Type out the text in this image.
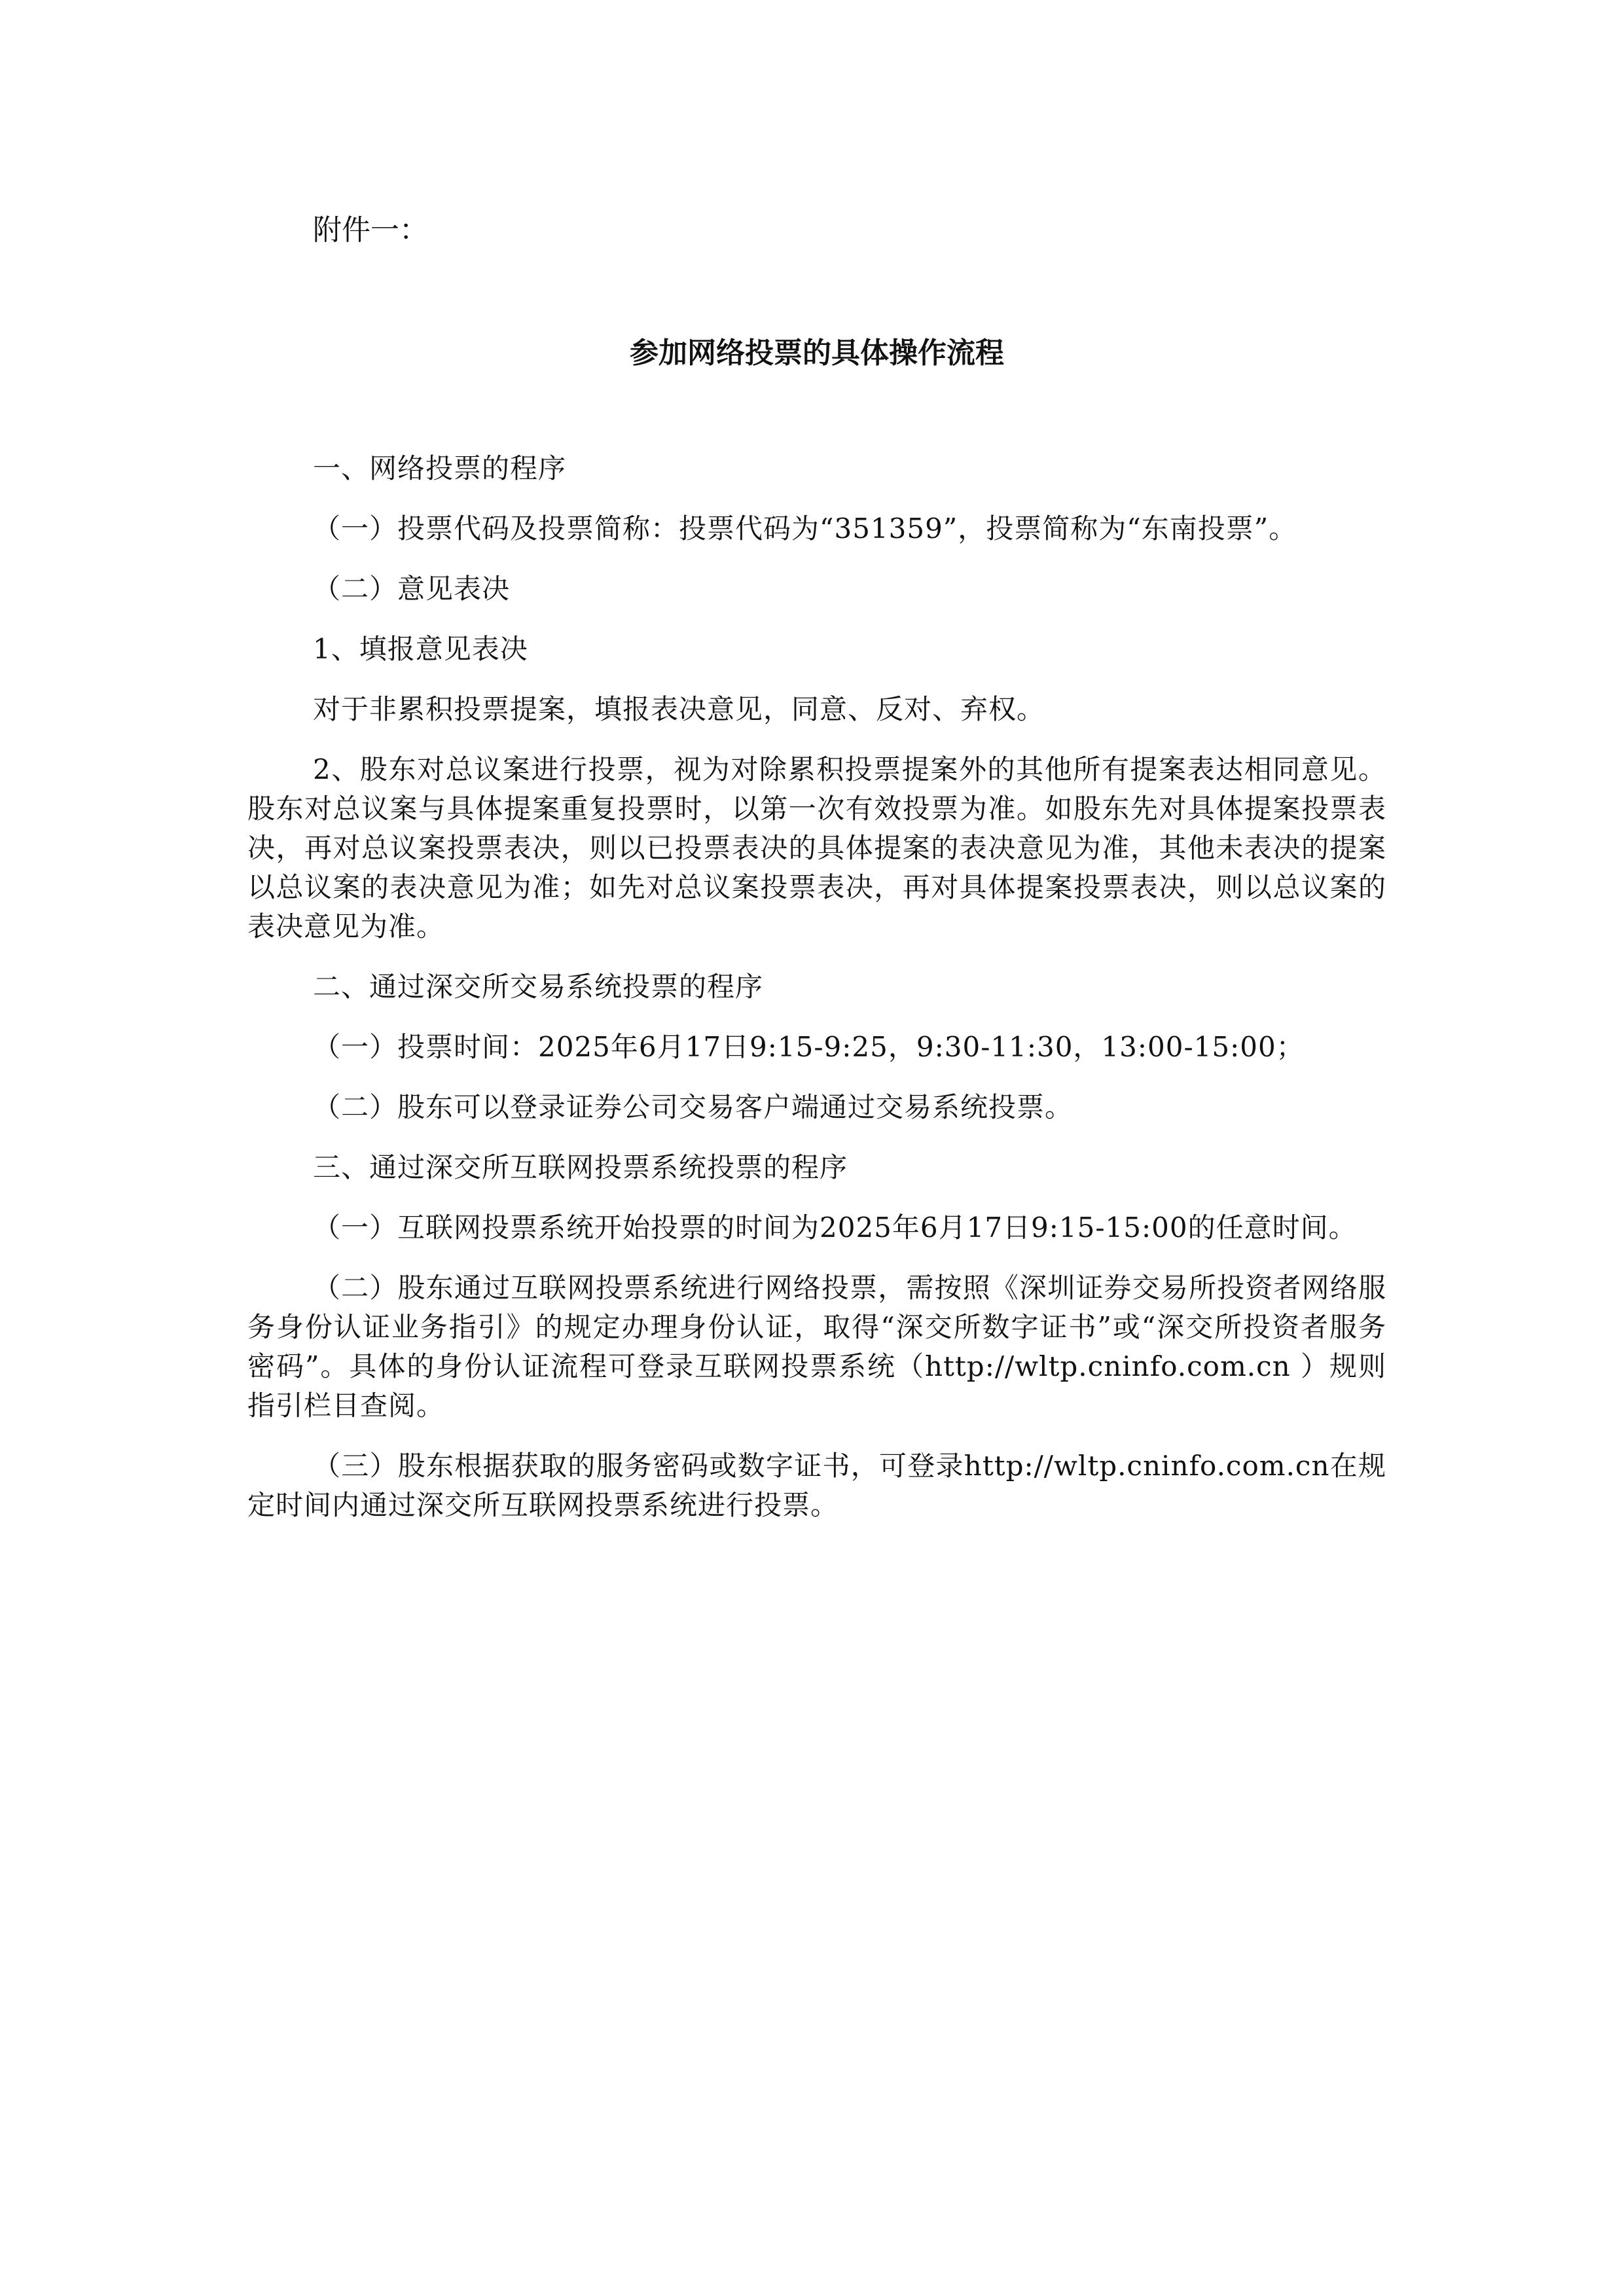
附件一：
参加网络投票的具体操作流程

一、网络投票的程序

（一）投票代码及投票简称：投票代码为“351359”，投票简称为“东南投票”。

（二）意见表决

1、填报意见表决

对于非累积投票提案，填报表决意见，同意、反对、弃权。

2、股东对总议案进行投票，视为对除累积投票提案外的其他所有提案表达相同意见。股东对总议案与具体提案重复投票时，以第一次有效投票为准。如股东先对具体提案投票表决，再对总议案投票表决，则以已投票表决的具体提案的表决意见为准，其他未表决的提案以总议案的表决意见为准；如先对总议案投票表决，再对具体提案投票表决，则以总议案的表决意见为准。

二、通过深交所交易系统投票的程序

（一）投票时间：2025年6月17日9:15-9:25，9:30-11:30，13:00-15:00；

（二）股东可以登录证券公司交易客户端通过交易系统投票。

三、通过深交所互联网投票系统投票的程序

（一）互联网投票系统开始投票的时间为2025年6月17日9:15-15:00的任意时间。

（二）股东通过互联网投票系统进行网络投票，需按照《深圳证券交易所投资者网络服务身份认证业务指引》的规定办理身份认证，取得“深交所数字证书”或“深交所投资者服务密码”。具体的身份认证流程可登录互联网投票系统（http://wltp.cninfo.com.cn ）规则指引栏目查阅。

（三）股东根据获取的服务密码或数字证书，可登录http://wltp.cninfo.com.cn在规定时间内通过深交所互联网投票系统进行投票。
